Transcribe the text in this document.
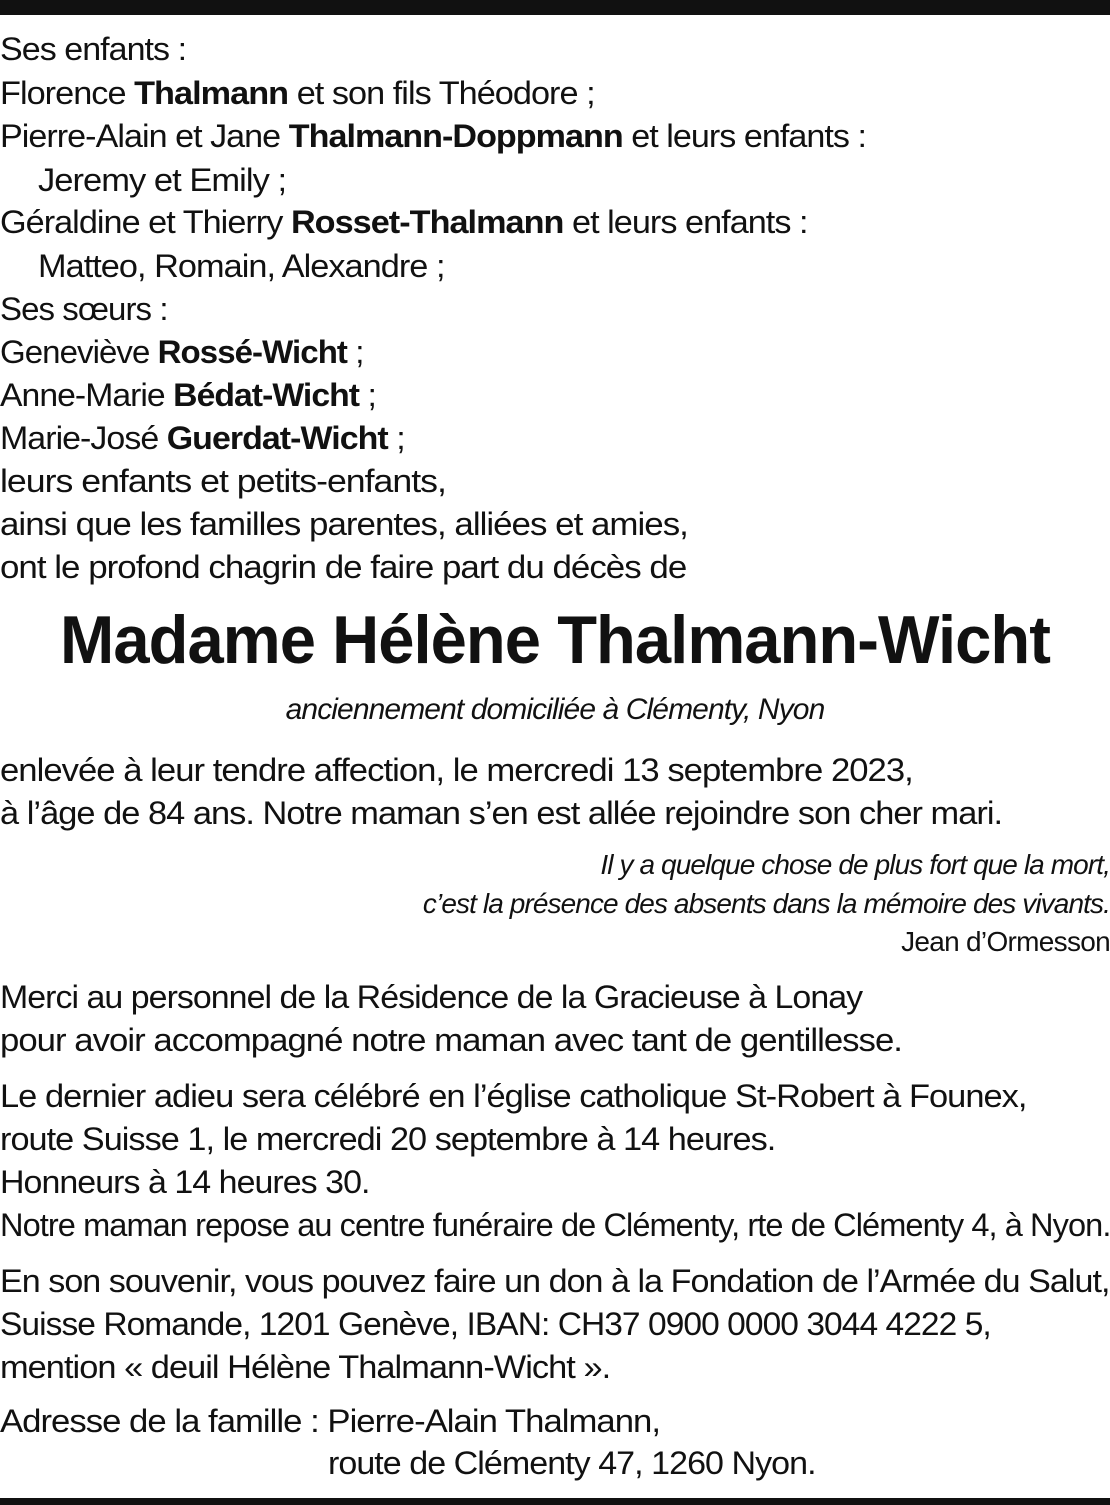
Ses enfants :
Florence Thalmann et son fils Théodore ;
Pierre-Alain et Jane Thalmann-Doppmann et leurs enfants :
Jeremy et Emily ;
Géraldine et Thierry Rosset-Thalmann et leurs enfants :
Matteo, Romain, Alexandre ;
Ses sœurs :
Geneviève Rossé-Wicht ;
Anne-Marie Bédat-Wicht ;
Marie-José Guerdat-Wicht ;
leurs enfants et petits-enfants,
ainsi que les familles parentes, alliées et amies,
ont le profond chagrin de faire part du décès de
Madame Hélène Thalmann-Wicht
anciennement domiciliée à Clémenty, Nyon
enlevée à leur tendre affection, le mercredi 13 septembre 2023,
à l’âge de 84 ans. Notre maman s’en est allée rejoindre son cher mari.
Il y a quelque chose de plus fort que la mort,
c’est la présence des absents dans la mémoire des vivants.
Jean d’Ormesson
Merci au personnel de la Résidence de la Gracieuse à Lonay
pour avoir accompagné notre maman avec tant de gentillesse.
Le dernier adieu sera célébré en l’église catholique St-Robert à Founex,
route Suisse 1, le mercredi 20 septembre à 14 heures.
Honneurs à 14 heures 30.
Notre maman repose au centre funéraire de Clémenty, rte de Clémenty 4, à Nyon.
En son souvenir, vous pouvez faire un don à la Fondation de l’Armée du Salut,
Suisse Romande, 1201 Genève, IBAN: CH37 0900 0000 3044 4222 5,
mention « deuil Hélène Thalmann-Wicht ».
Adresse de la famille : Pierre-Alain Thalmann,
route de Clémenty 47, 1260 Nyon.
